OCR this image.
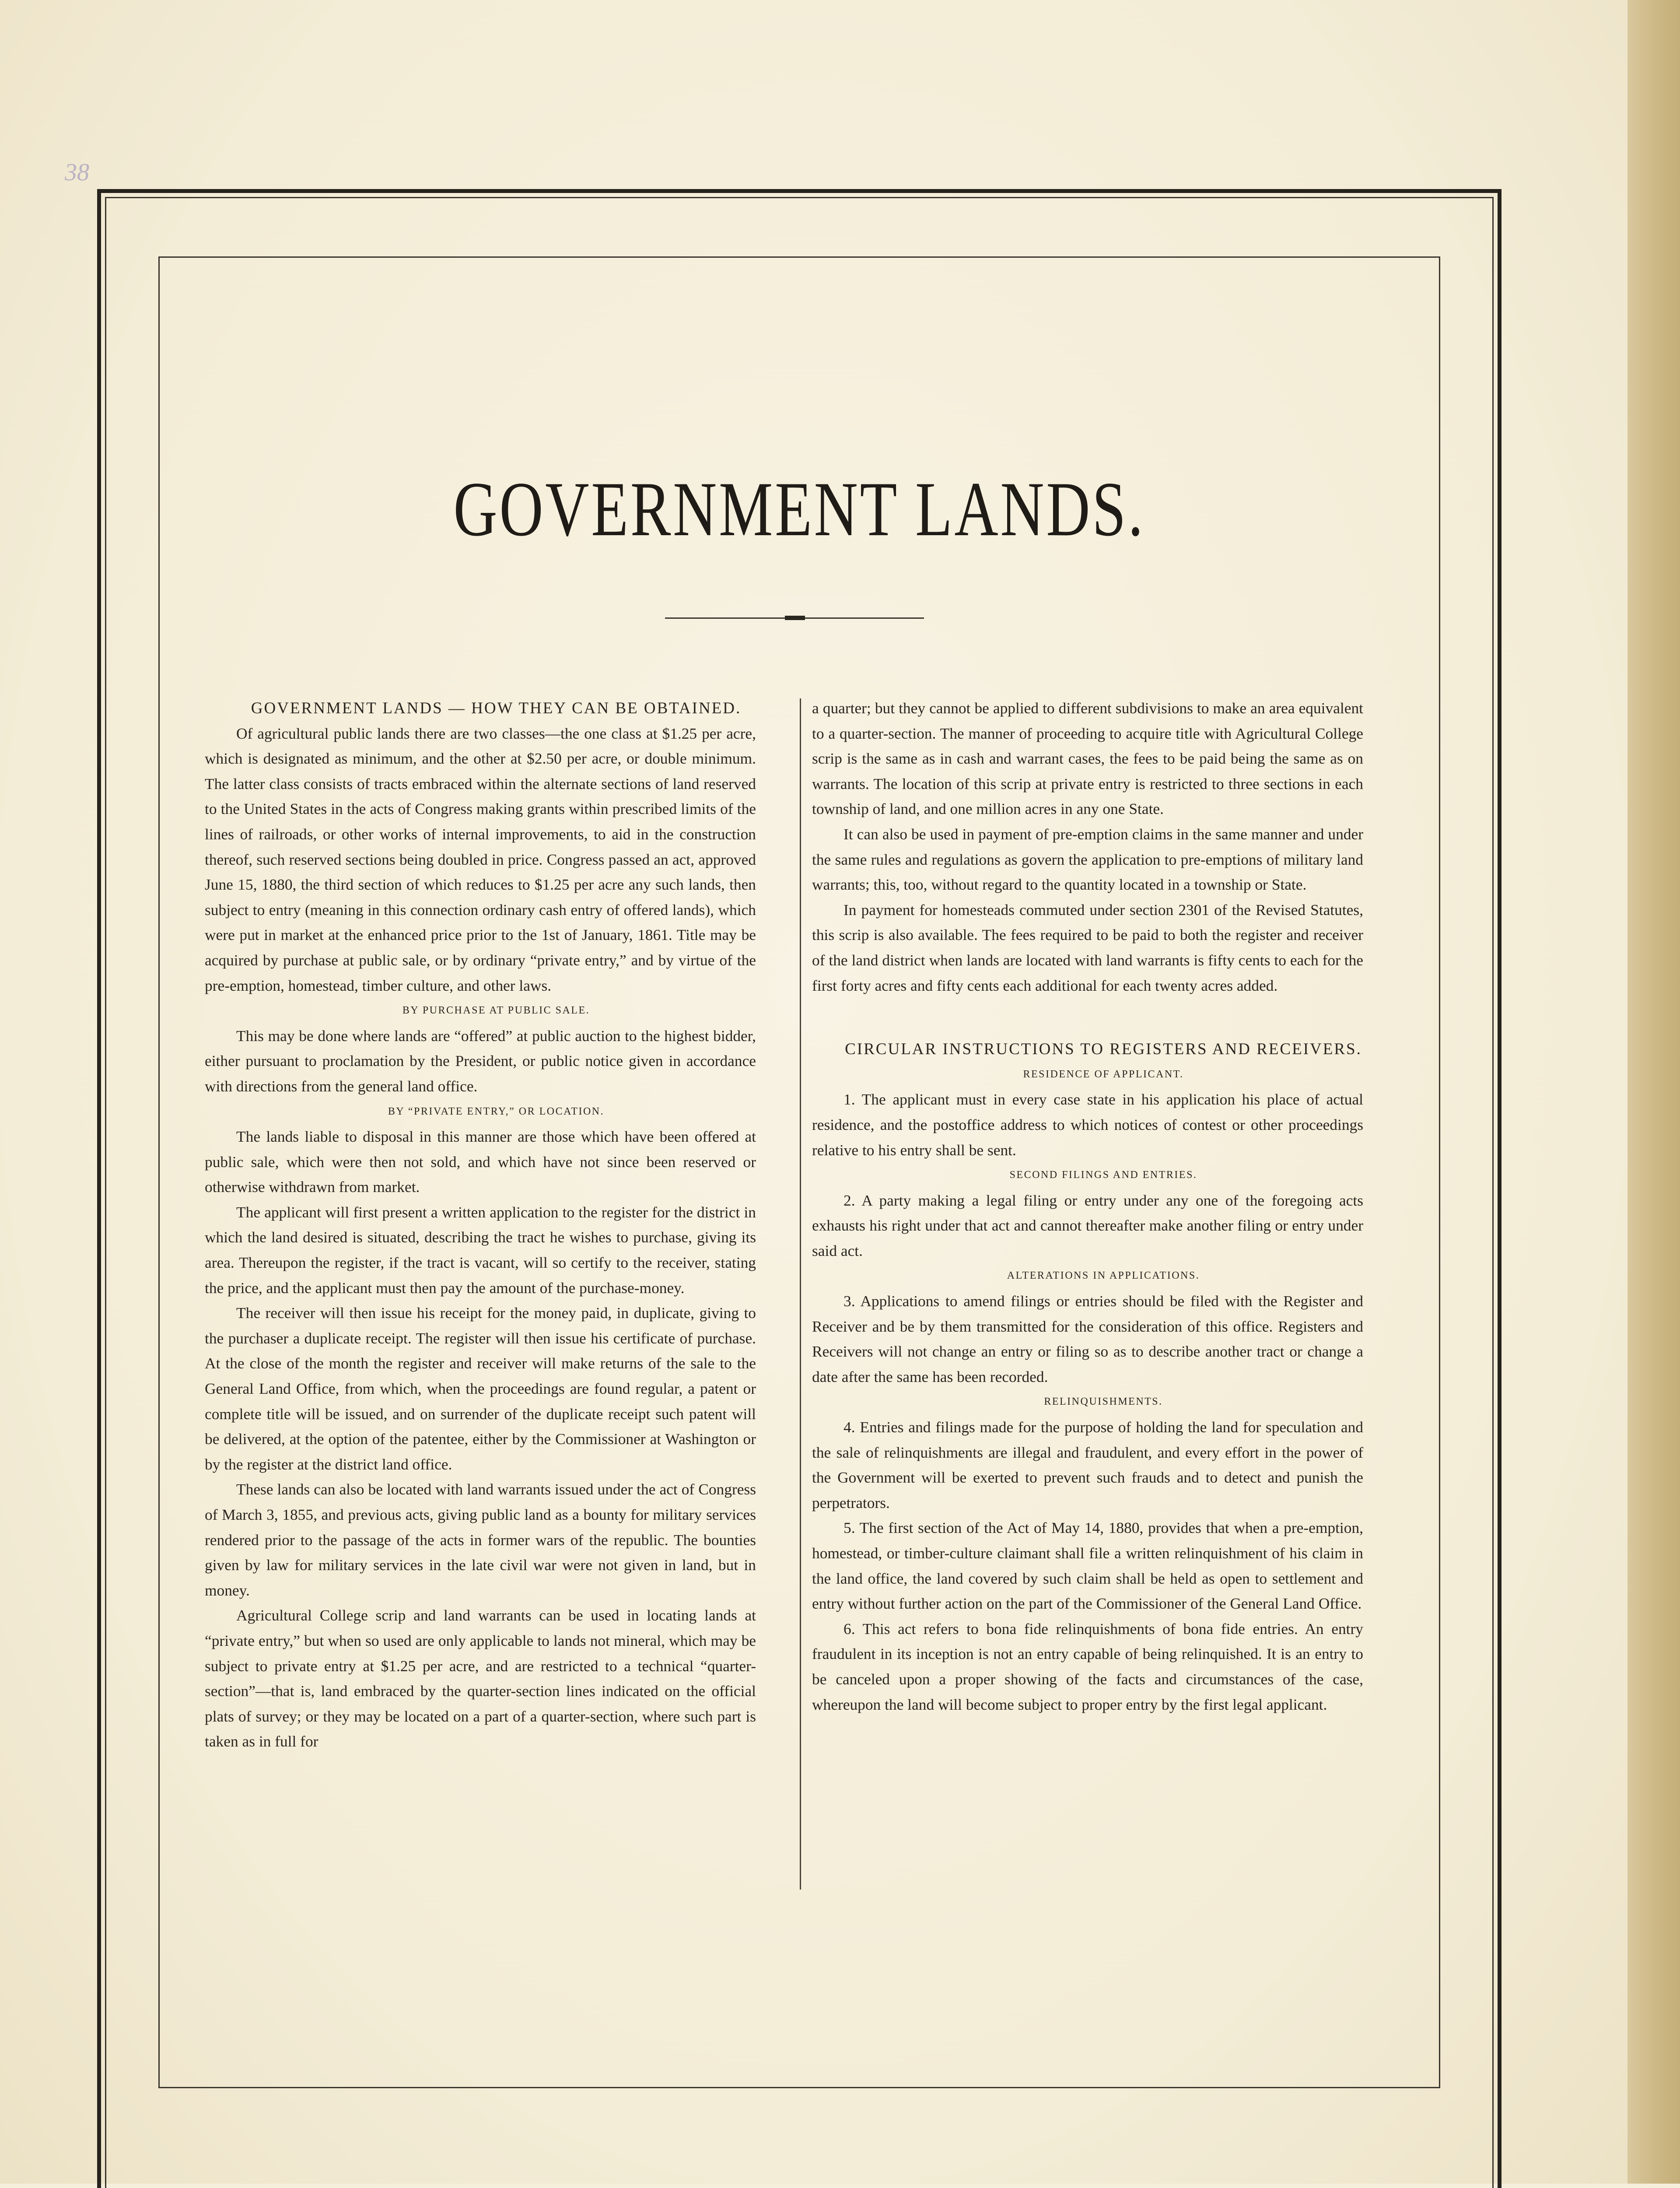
38
GOVERNMENT LANDS.

GOVERNMENT LANDS — HOW THEY CAN BE OBTAINED.

Of agricultural public lands there are two classes—the one class at $1.25 per acre, which is designated as minimum, and the other at $2.50 per acre, or double minimum. The latter class consists of tracts embraced within the alternate sections of land reserved to the United States in the acts of Congress making grants within prescribed limits of the lines of railroads, or other works of internal improvements, to aid in the construction thereof, such reserved sections being doubled in price. Congress passed an act, approved June 15, 1880, the third section of which reduces to $1.25 per acre any such lands, then subject to entry (meaning in this connection ordinary cash entry of offered lands), which were put in market at the enhanced price prior to the 1st of January, 1861. Title may be acquired by purchase at public sale, or by ordinary “private entry,” and by virtue of the pre-emption, homestead, timber culture, and other laws.

BY PURCHASE AT PUBLIC SALE.

This may be done where lands are “offered” at public auction to the highest bidder, either pursuant to proclamation by the President, or public notice given in accordance with directions from the general land office.

BY “PRIVATE ENTRY,” OR LOCATION.

The lands liable to disposal in this manner are those which have been offered at public sale, which were then not sold, and which have not since been reserved or otherwise withdrawn from market.

The applicant will first present a written application to the register for the district in which the land desired is situated, describing the tract he wishes to purchase, giving its area. Thereupon the register, if the tract is vacant, will so certify to the receiver, stating the price, and the applicant must then pay the amount of the purchase-money.

The receiver will then issue his receipt for the money paid, in duplicate, giving to the purchaser a duplicate receipt. The register will then issue his certificate of purchase. At the close of the month the register and receiver will make returns of the sale to the General Land Office, from which, when the proceedings are found regular, a patent or complete title will be issued, and on surrender of the duplicate receipt such patent will be delivered, at the option of the patentee, either by the Commissioner at Washington or by the register at the district land office.

These lands can also be located with land warrants issued under the act of Congress of March 3, 1855, and previous acts, giving public land as a bounty for military services rendered prior to the passage of the acts in former wars of the republic. The bounties given by law for military services in the late civil war were not given in land, but in money.

Agricultural College scrip and land warrants can be used in locating lands at “private entry,” but when so used are only applicable to lands not mineral, which may be subject to private entry at $1.25 per acre, and are restricted to a technical “quarter-section”—that is, land embraced by the quarter-section lines indicated on the official plats of survey; or they may be located on a part of a quarter-section, where such part is taken as in full for

a quarter; but they cannot be applied to different subdivisions to make an area equivalent to a quarter-section. The manner of proceeding to acquire title with Agricultural College scrip is the same as in cash and warrant cases, the fees to be paid being the same as on warrants. The location of this scrip at private entry is restricted to three sections in each township of land, and one million acres in any one State.

It can also be used in payment of pre-emption claims in the same manner and under the same rules and regulations as govern the application to pre-emptions of military land warrants; this, too, without regard to the quantity located in a township or State.

In payment for homesteads commuted under section 2301 of the Revised Statutes, this scrip is also available. The fees required to be paid to both the register and receiver of the land district when lands are located with land warrants is fifty cents to each for the first forty acres and fifty cents each additional for each twenty acres added.

CIRCULAR INSTRUCTIONS TO REGISTERS AND RECEIVERS.

RESIDENCE OF APPLICANT.

1. The applicant must in every case state in his application his place of actual residence, and the postoffice address to which notices of contest or other proceedings relative to his entry shall be sent.

SECOND FILINGS AND ENTRIES.

2. A party making a legal filing or entry under any one of the foregoing acts exhausts his right under that act and cannot thereafter make another filing or entry under said act.

ALTERATIONS IN APPLICATIONS.

3. Applications to amend filings or entries should be filed with the Register and Receiver and be by them transmitted for the consideration of this office. Registers and Receivers will not change an entry or filing so as to describe another tract or change a date after the same has been recorded.

RELINQUISHMENTS.

4. Entries and filings made for the purpose of holding the land for speculation and the sale of relinquishments are illegal and fraudulent, and every effort in the power of the Government will be exerted to prevent such frauds and to detect and punish the perpetrators.

5. The first section of the Act of May 14, 1880, provides that when a pre-emption, homestead, or timber-culture claimant shall file a written relinquishment of his claim in the land office, the land covered by such claim shall be held as open to settlement and entry without further action on the part of the Commissioner of the General Land Office.

6. This act refers to bona fide relinquishments of bona fide entries. An entry fraudulent in its inception is not an entry capable of being relinquished. It is an entry to be canceled upon a proper showing of the facts and circumstances of the case, whereupon the land will become subject to proper entry by the first legal applicant.
